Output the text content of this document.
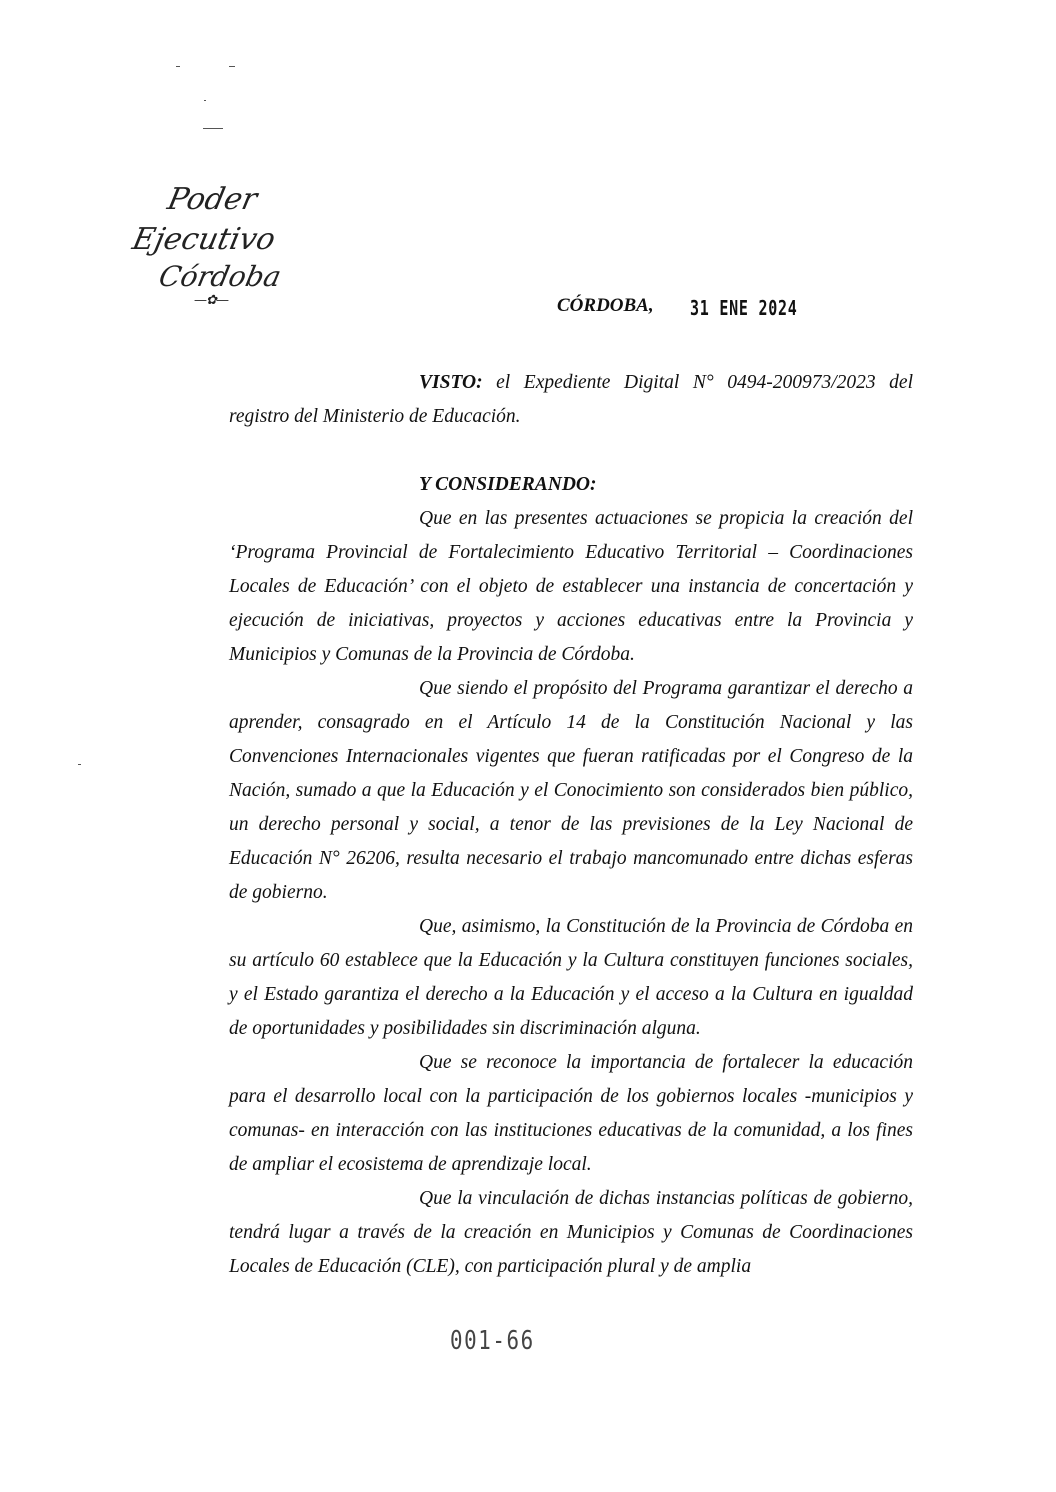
Poder Ejecutivo
Córdoba
—✿—	CÓRDOBA, 31 ENE 2024

VISTO: el Expediente Digital N° 0494-200973/2023 del registro del Ministerio de Educación.

Y CONSIDERANDO:

Que en las presentes actuaciones se propicia la creación del ‘Programa Provincial de Fortalecimiento Educativo Territorial – Coordinaciones Locales de Educación’ con el objeto de establecer una instancia de concertación y ejecución de iniciativas, proyectos y acciones educativas entre la Provincia y Municipios y Comunas de la Provincia de Córdoba.

Que siendo el propósito del Programa garantizar el derecho a aprender, consagrado en el Artículo 14 de la Constitución Nacional y las Convenciones Internacionales vigentes que fueran ratificadas por el Congreso de la Nación, sumado a que la Educación y el Conocimiento son considerados bien público, un derecho personal y social, a tenor de las previsiones de la Ley Nacional de Educación N° 26206, resulta necesario el trabajo mancomunado entre dichas esferas de gobierno.

Que, asimismo, la Constitución de la Provincia de Córdoba en su artículo 60 establece que la Educación y la Cultura constituyen funciones sociales, y el Estado garantiza el derecho a la Educación y el acceso a la Cultura en igualdad de oportunidades y posibilidades sin discriminación alguna.

Que se reconoce la importancia de fortalecer la educación para el desarrollo local con la participación de los gobiernos locales -municipios y comunas- en interacción con las instituciones educativas de la comunidad, a los fines de ampliar el ecosistema de aprendizaje local.

Que la vinculación de dichas instancias políticas de gobierno, tendrá lugar a través de la creación en Municipios y Comunas de Coordinaciones Locales de Educación (CLE), con participación plural y de amplia

001-66
